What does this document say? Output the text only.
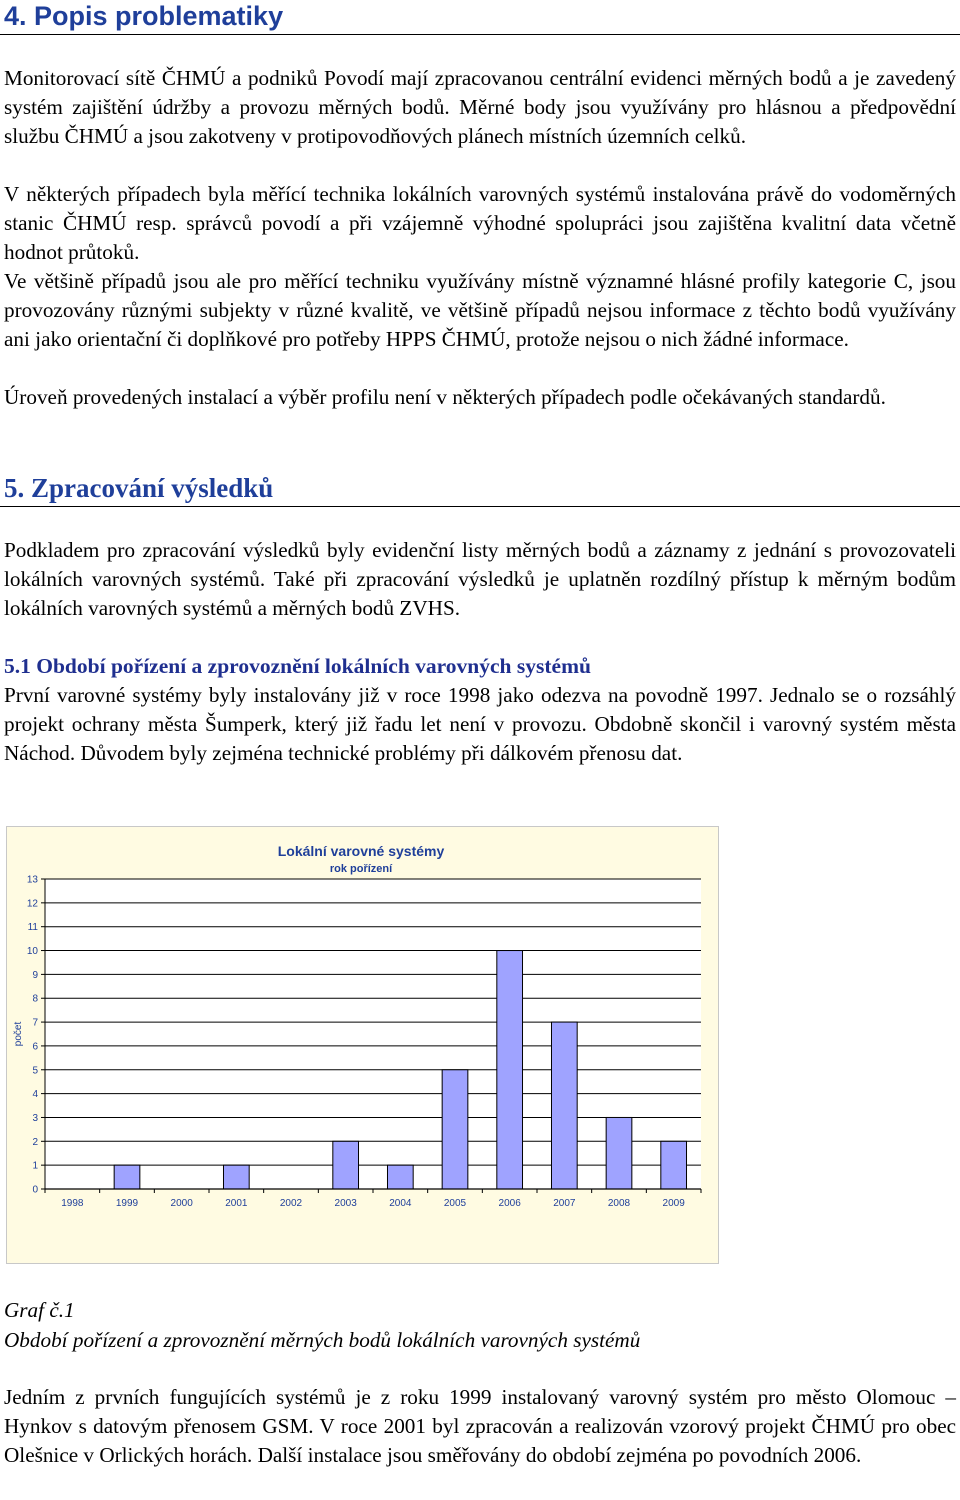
4. Popis problematiky
Monitorovací sítě ČHMÚ a podniků Povodí mají zpracovanou centrální evidenci měrných bodů a je zavedený systém zajištění údržby a provozu měrných bodů. Měrné body jsou využívány pro hlásnou a předpovědní službu ČHMÚ a jsou zakotveny v protipovodňových plánech místních územních celků.
V některých případech byla měřící technika lokálních varovných systémů instalována právě do vodoměrných stanic ČHMÚ resp. správců povodí a při vzájemně výhodné spolupráci jsou zajištěna kvalitní data včetně hodnot průtoků.
Ve většině případů jsou ale pro měřící techniku využívány místně významné hlásné profily kategorie C, jsou provozovány různými subjekty v různé kvalitě, ve většině případů nejsou informace z těchto bodů využívány ani jako orientační či doplňkové pro potřeby HPPS ČHMÚ, protože nejsou o nich žádné informace.
Úroveň provedených instalací a výběr profilu není v některých případech podle očekávaných standardů.
5. Zpracování výsledků
Podkladem pro zpracování výsledků byly evidenční listy měrných bodů a záznamy z jednání s provozovateli lokálních varovných systémů. Také při zpracování výsledků je uplatněn rozdílný přístup k měrným bodům lokálních varovných systémů a měrných bodů ZVHS.
5.1 Období pořízení a zprovoznění lokálních varovných systémů
První varovné systémy byly instalovány již v roce 1998 jako odezva na povodně 1997. Jednalo se o rozsáhlý projekt ochrany města Šumperk, který již řadu let není v provozu. Obdobně skončil i varovný systém města Náchod. Důvodem byly zejména technické problémy při dálkovém přenosu dat.
0
1
2
3
4
5
6
7
8
9
10
11
12
13
1998	1999	2000	2001	2002	2003	2004	2005	2006	2007	2008	2009
Lokální varovné systémy
rok pořízení
počet
Graf č.1
Období pořízení a zprovoznění měrných bodů lokálních varovných systémů
Jedním z prvních fungujících systémů je z roku 1999 instalovaný varovný systém pro město Olomouc – Hynkov s datovým přenosem GSM. V roce 2001 byl zpracován a realizován vzorový projekt ČHMÚ pro obec Olešnice v Orlických horách. Další instalace jsou směřovány do období zejména po povodních 2006.
